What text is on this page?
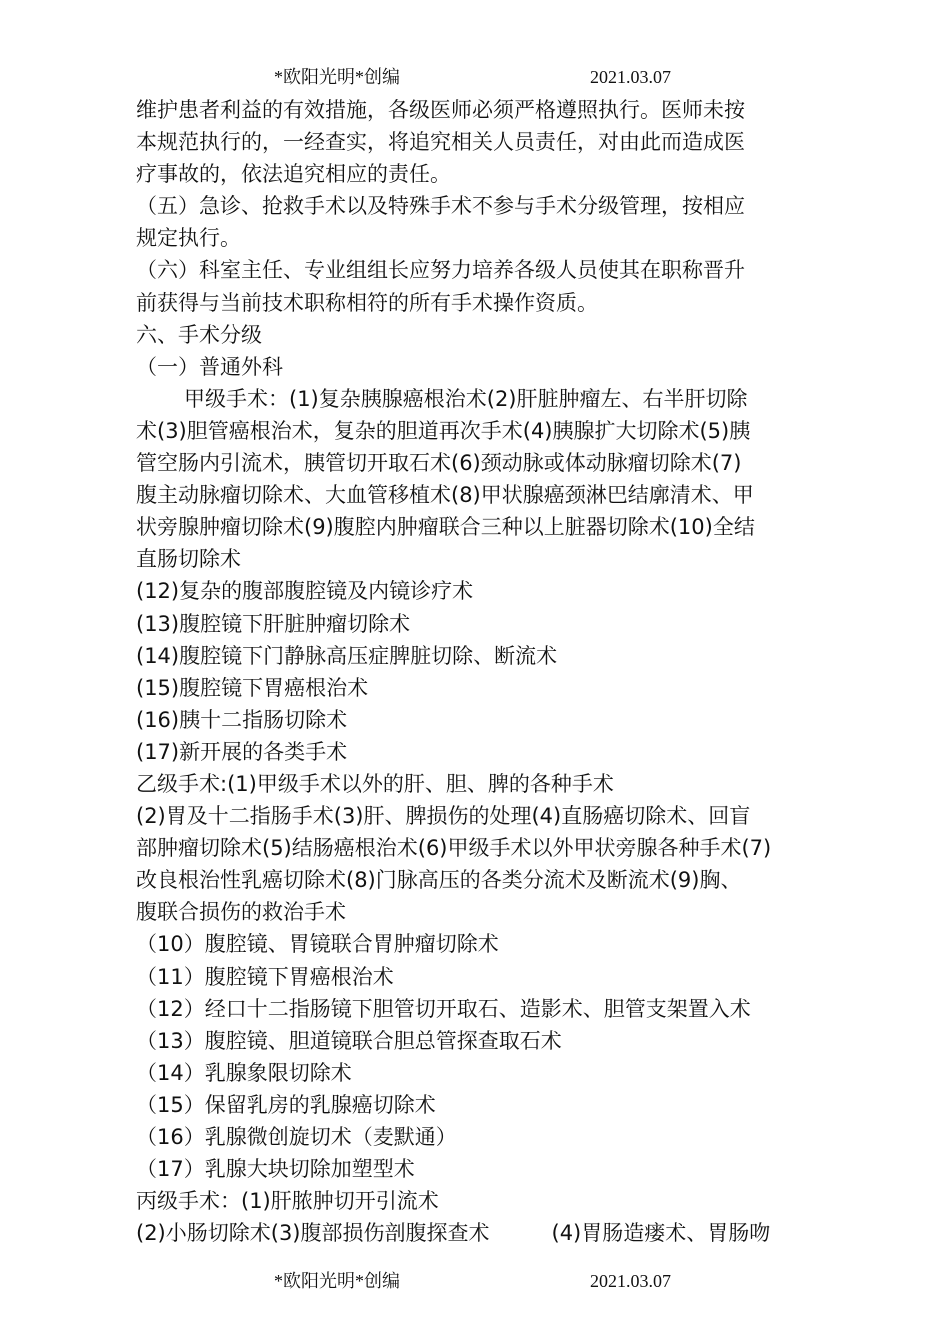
*欧阳光明*创编	2021.03.07
维护患者利益的有效措施，各级医师必须严格遵照执行。医师未按
本规范执行的，一经查实，将追究相关人员责任，对由此而造成医
疗事故的，依法追究相应的责任。
（五）急诊、抢救手术以及特殊手术不参与手术分级管理，按相应
规定执行。
（六）科室主任、专业组组长应努力培养各级人员使其在职称晋升
前获得与当前技术职称相符的所有手术操作资质。
六、手术分级
（一）普通外科
甲级手术：(1)复杂胰腺癌根治术(2)肝脏肿瘤左、右半肝切除
术(3)胆管癌根治术，复杂的胆道再次手术(4)胰腺扩大切除术(5)胰
管空肠内引流术，胰管切开取石术(6)颈动脉或体动脉瘤切除术(7)
腹主动脉瘤切除术、大血管移植术(8)甲状腺癌颈淋巴结廓清术、甲
状旁腺肿瘤切除术(9)腹腔内肿瘤联合三种以上脏器切除术(10)全结
直肠切除术
(12)复杂的腹部腹腔镜及内镜诊疗术
(13)腹腔镜下肝脏肿瘤切除术
(14)腹腔镜下门静脉高压症脾脏切除、断流术
(15)腹腔镜下胃癌根治术
(16)胰十二指肠切除术
(17)新开展的各类手术
乙级手术:(1)甲级手术以外的肝、胆、脾的各种手术
(2)胃及十二指肠手术(3)肝、脾损伤的处理(4)直肠癌切除术、回盲
部肿瘤切除术(5)结肠癌根治术(6)甲级手术以外甲状旁腺各种手术(7)
改良根治性乳癌切除术(8)门脉高压的各类分流术及断流术(9)胸、
腹联合损伤的救治手术
（10）腹腔镜、胃镜联合胃肿瘤切除术
（11）腹腔镜下胃癌根治术
（12）经口十二指肠镜下胆管切开取石、造影术、胆管支架置入术
（13）腹腔镜、胆道镜联合胆总管探查取石术
（14）乳腺象限切除术
（15）保留乳房的乳腺癌切除术
（16）乳腺微创旋切术（麦默通）
（17）乳腺大块切除加塑型术
丙级手术：(1)肝脓肿切开引流术
(2)小肠切除术(3)腹部损伤剖腹探查术	(4)胃肠造瘘术、胃肠吻
*欧阳光明*创编	2021.03.07
